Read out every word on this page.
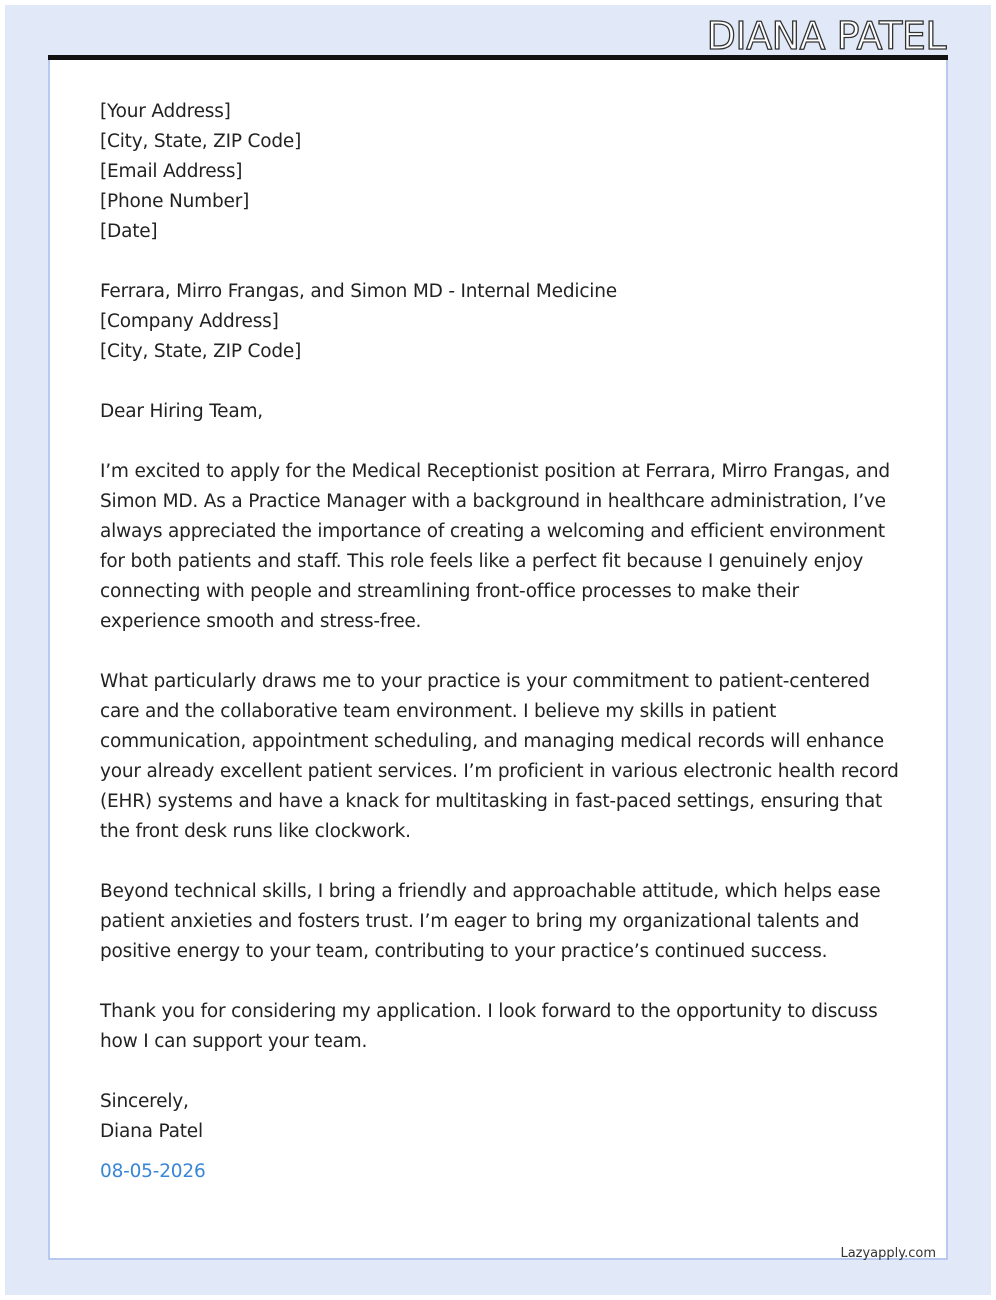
DIANA PATEL
[Your Address]
[City, State, ZIP Code]
[Email Address]
[Phone Number]
[Date]
Ferrara, Mirro Frangas, and Simon MD - Internal Medicine
[Company Address]
[City, State, ZIP Code]

Dear Hiring Team,

I’m excited to apply for the Medical Receptionist position at Ferrara, Mirro Frangas, and Simon MD. As a Practice Manager with a background in healthcare administration, I’ve always appreciated the importance of creating a welcoming and efficient environment for both patients and staff. This role feels like a perfect fit because I genuinely enjoy connecting with people and streamlining front-office processes to make their experience smooth and stress-free.

What particularly draws me to your practice is your commitment to patient-centered care and the collaborative team environment. I believe my skills in patient communication, appointment scheduling, and managing medical records will enhance your already excellent patient services. I’m proficient in various electronic health record (EHR) systems and have a knack for multitasking in fast-paced settings, ensuring that the front desk runs like clockwork.

Beyond technical skills, I bring a friendly and approachable attitude, which helps ease patient anxieties and fosters trust. I’m eager to bring my organizational talents and positive energy to your team, contributing to your practice’s continued success.

Thank you for considering my application. I look forward to the opportunity to discuss how I can support your team.

Sincerely,
Diana Patel
08-05-2026
Lazyapply.com
